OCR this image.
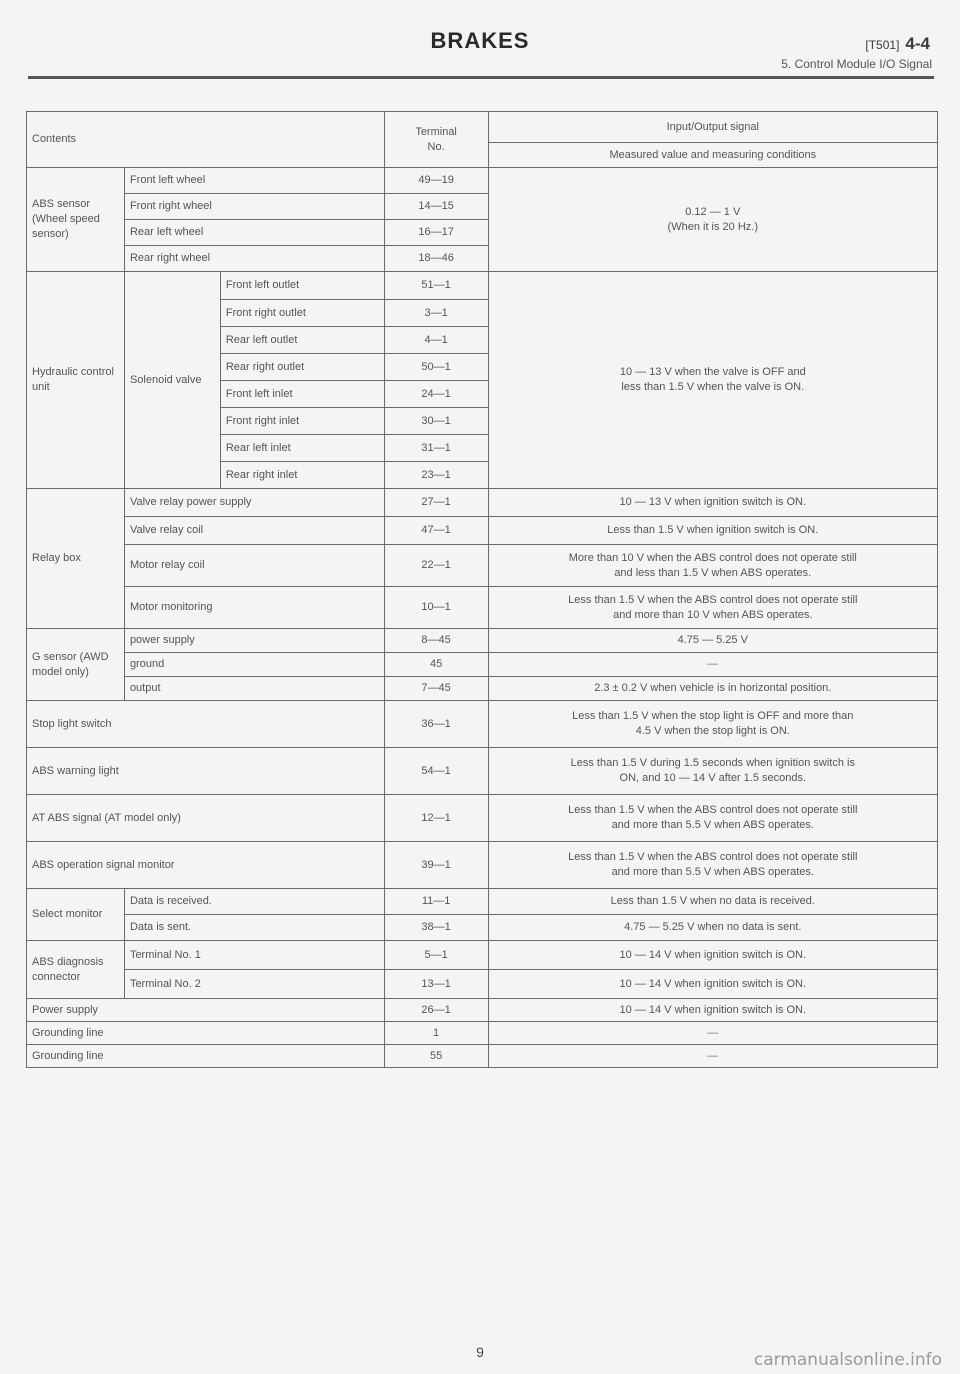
BRAKES	[T501] 4-4
5. Control Module I/O Signal
Contents			Terminal
No.	Input/Output signal
				Measured value and measuring conditions
ABS sensor (Wheel speed sensor)	Front left wheel		49—19	0.12 — 1 V
(When it is 20 Hz.)
	Front right wheel		14—15	
	Rear left wheel		16—17	
	Rear right wheel		18—46	
Hydraulic control unit	Solenoid valve	Front left outlet	51—1	10 — 13 V when the valve is OFF and
less than 1.5 V when the valve is ON.
		Front right outlet	3—1	
		Rear left outlet	4—1	
		Rear right outlet	50—1	
		Front left inlet	24—1	
		Front right inlet	30—1	
		Rear left inlet	31—1	
		Rear right inlet	23—1	
Relay box	Valve relay power supply		27—1	10 — 13 V when ignition switch is ON.
	Valve relay coil		47—1	Less than 1.5 V when ignition switch is ON.
	Motor relay coil		22—1	More than 10 V when the ABS control does not operate still
and less than 1.5 V when ABS operates.
	Motor monitoring		10—1	Less than 1.5 V when the ABS control does not operate still
and more than 10 V when ABS operates.
G sensor (AWD model only)	power supply		8—45	4.75 — 5.25 V
	ground		45	—
	output		7—45	2.3 ± 0.2 V when vehicle is in horizontal position.
Stop light switch			36—1	Less than 1.5 V when the stop light is OFF and more than
4.5 V when the stop light is ON.
ABS warning light			54—1	Less than 1.5 V during 1.5 seconds when ignition switch is
ON, and 10 — 14 V after 1.5 seconds.
AT ABS signal (AT model only)			12—1	Less than 1.5 V when the ABS control does not operate still
and more than 5.5 V when ABS operates.
ABS operation signal monitor			39—1	Less than 1.5 V when the ABS control does not operate still
and more than 5.5 V when ABS operates.
Select monitor	Data is received.		11—1	Less than 1.5 V when no data is received.
	Data is sent.		38—1	4.75 — 5.25 V when no data is sent.
ABS diagnosis connector	Terminal No. 1		5—1	10 — 14 V when ignition switch is ON.
	Terminal No. 2		13—1	10 — 14 V when ignition switch is ON.
Power supply			26—1	10 — 14 V when ignition switch is ON.
Grounding line			1	—
Grounding line			55	—
9	carmanualsonline.info
